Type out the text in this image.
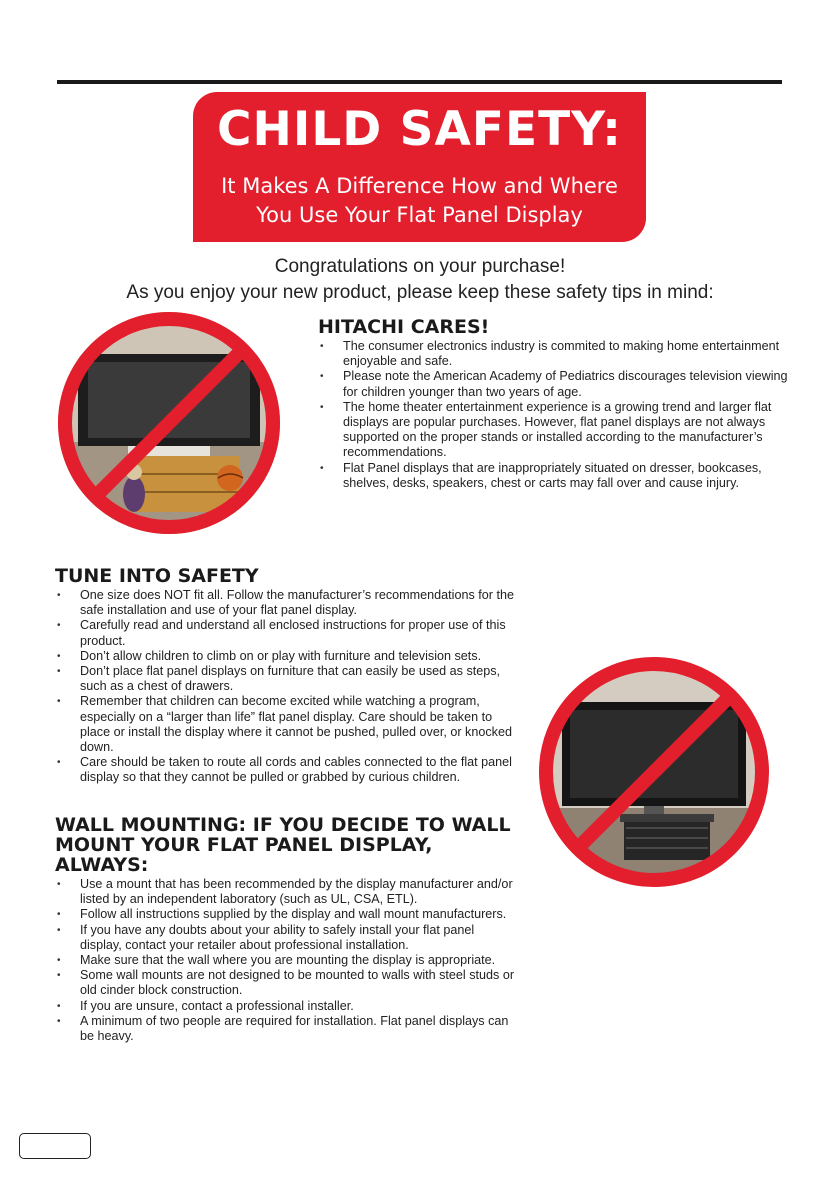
CHILD SAFETY:
It Makes A Difference How and Where
You Use Your Flat Panel Display
Congratulations on your purchase!
As you enjoy your new product, please keep these safety tips in mind:
HITACHI CARES!
• The consumer electronics industry is commited to making home entertainment enjoyable and safe.
• Please note the American Academy of Pediatrics discourages television viewing for children younger than two years of age.
• The home theater entertainment experience is a growing trend and larger flat displays are popular purchases. However, flat panel displays are not always supported on the proper stands or installed according to the manufacturer’s recommendations.
• Flat Panel displays that are inappropriately situated on dresser, bookcases, shelves, desks, speakers, chest or carts may fall over and cause injury.
TUNE INTO SAFETY
• One size does NOT fit all. Follow the manufacturer’s recommendations for the safe installation and use of your flat panel display.
• Carefully read and understand all enclosed instructions for proper use of this product.
• Don’t allow children to climb on or play with furniture and television sets.
• Don’t place flat panel displays on furniture that can easily be used as steps, such as a chest of drawers.
• Remember that children can become excited while watching a program, especially on a “larger than life” flat panel display. Care should be taken to place or install the display where it cannot be pushed, pulled over, or knocked down.
• Care should be taken to route all cords and cables connected to the flat panel display so that they cannot be pulled or grabbed by curious children.
WALL MOUNTING: IF YOU DECIDE TO WALL
MOUNT YOUR FLAT PANEL DISPLAY, ALWAYS:
• Use a mount that has been recommended by the display manufacturer and/or listed by an independent laboratory (such as UL, CSA, ETL).
• Follow all instructions supplied by the display and wall mount manufacturers.
• If you have any doubts about your ability to safely install your flat panel display, contact your retailer about professional installation.
• Make sure that the wall where you are mounting the display is appropriate.
• Some wall mounts are not designed to be mounted to walls with steel studs or old cinder block construction.
• If you are unsure, contact a professional installer.
• A minimum of two people are required for installation. Flat panel displays can be heavy.
